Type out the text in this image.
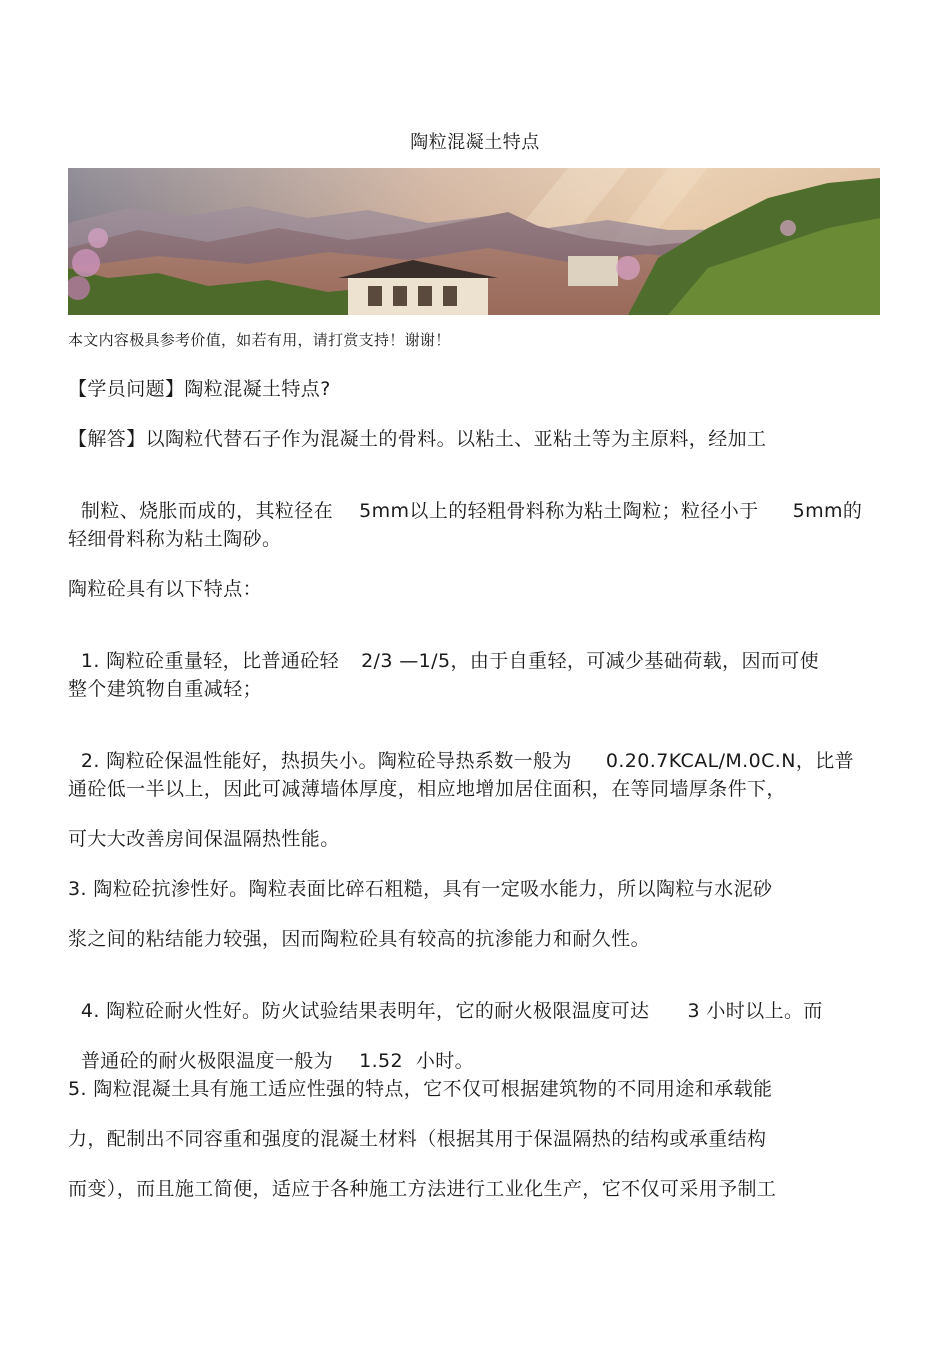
陶粒混凝土特点
本文内容极具参考价值，如若有用，请打赏支持！谢谢！
【学员问题】陶粒混凝土特点?
【解答】以陶粒代替石子作为混凝土的骨料。以粘土、亚粘土等为主原料，经加工

制粒、烧胀而成的，其粒径在 5mm以上的轻粗骨料称为粘土陶粒；粒径小于 5mm的

轻细骨料称为粘土陶砂。
陶粒砼具有以下特点：

1. 陶粒砼重量轻，比普通砼轻 2/3 —1/5，由于自重轻，可减少基础荷载，因而可使

整个建筑物自重减轻；

2. 陶粒砼保温性能好，热损失小。陶粒砼导热系数一般为 0.20.7KCAL/M.0C.N，比普

通砼低一半以上，因此可减薄墙体厚度，相应地增加居住面积，在等同墙厚条件下，
可大大改善房间保温隔热性能。
3. 陶粒砼抗渗性好。陶粒表面比碎石粗糙，具有一定吸水能力，所以陶粒与水泥砂
浆之间的粘结能力较强，因而陶粒砼具有较高的抗渗能力和耐久性。

4. 陶粒砼耐火性好。防火试验结果表明年，它的耐火极限温度可达 3 小时以上。而

普通砼的耐火极限温度一般为 1.52  小时。

5. 陶粒混凝土具有施工适应性强的特点，它不仅可根据建筑物的不同用途和承载能
力，配制出不同容重和强度的混凝土材料（根据其用于保温隔热的结构或承重结构
而变），而且施工简便，适应于各种施工方法进行工业化生产，它不仅可采用予制工
